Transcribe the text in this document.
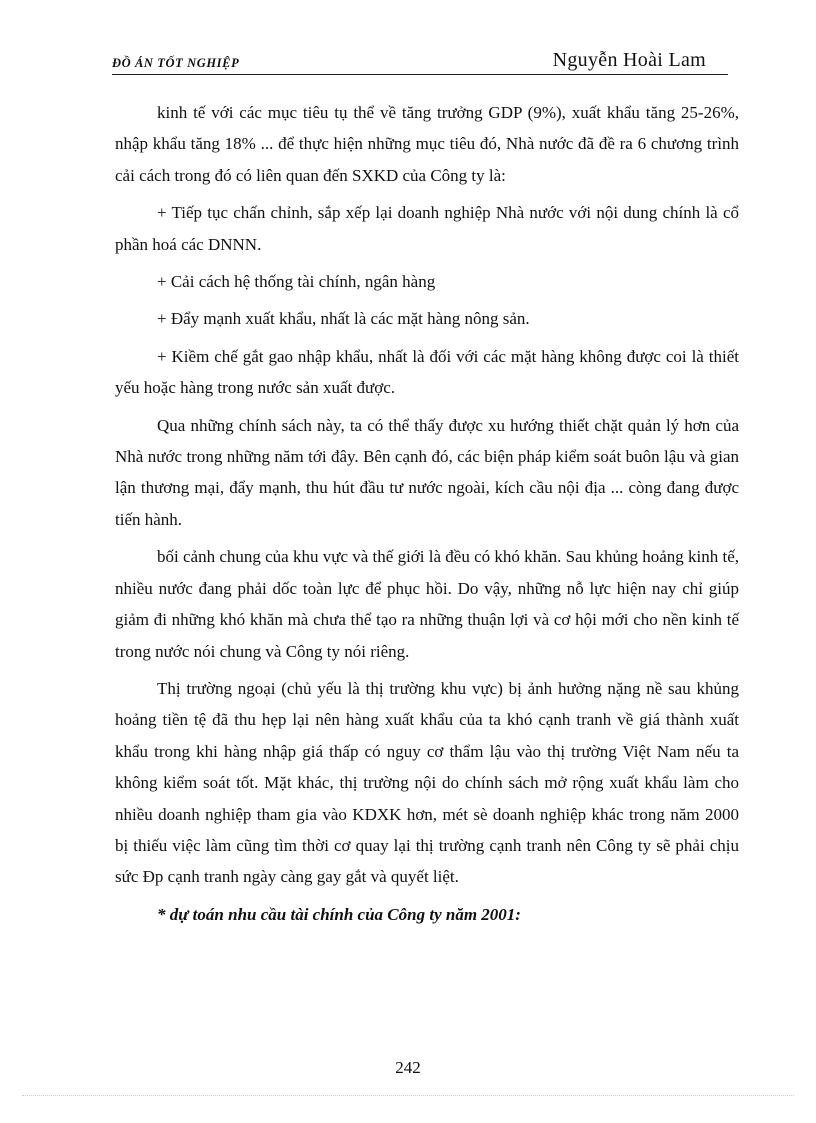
ĐỒ ÁN TỐT NGHIỆP	Nguyễn Hoài Lam

kinh tế với các mục tiêu tụ thể về tăng trưởng GDP (9%), xuất khẩu tăng 25-26%, nhập khẩu tăng 18% ... để thực hiện những mục tiêu đó, Nhà nước đã đề ra 6 chương trình cải cách trong đó có liên quan đến SXKD của Công ty là:

+ Tiếp tục chấn chỉnh, sắp xếp lại doanh nghiệp Nhà nước với nội dung chính là cổ phần hoá các DNNN.

+ Cải cách hệ thống tài chính, ngân hàng

+ Đẩy mạnh xuất khẩu, nhất là các mặt hàng nông sản.

+ Kiềm chế gắt gao nhập khẩu, nhất là đối với các mặt hàng không được coi là thiết yếu hoặc hàng trong nước sản xuất được.

Qua những chính sách này, ta có thể thấy được xu hướng thiết chặt quản lý hơn của Nhà nước trong những năm tới đây. Bên cạnh đó, các biện pháp kiểm soát buôn lậu và gian lận thương mại, đẩy mạnh, thu hút đầu tư nước ngoài, kích cầu nội địa ... còng đang được tiến hành.

bối cảnh chung của khu vực và thế giới là đều có khó khăn. Sau khủng hoảng kinh tế, nhiều nước đang phải dốc toàn lực để phục hồi. Do vậy, những nỗ lực hiện nay chỉ giúp giảm đi những khó khăn mà chưa thể tạo ra những thuận lợi và cơ hội mới cho nền kinh tế trong nước nói chung và Công ty nói riêng.

Thị trường ngoại (chủ yếu là thị trường khu vực) bị ảnh hưởng nặng nề sau khủng hoảng tiền tệ đã thu hẹp lại nên hàng xuất khẩu của ta khó cạnh tranh về giá thành xuất khẩu trong khi hàng nhập giá thấp có nguy cơ thẩm lậu vào thị trường Việt Nam nếu ta không kiểm soát tốt. Mặt khác, thị trường nội do chính sách mở rộng xuất khẩu làm cho nhiều doanh nghiệp tham gia vào KDXK hơn, mét sè doanh nghiệp khác trong năm 2000 bị thiếu việc làm cũng tìm thời cơ quay lại thị trường cạnh tranh nên Công ty sẽ phải chịu sức Ðp cạnh tranh ngày càng gay gắt và quyết liệt.

* dự toán nhu cầu tài chính của Công ty năm 2001:

242
